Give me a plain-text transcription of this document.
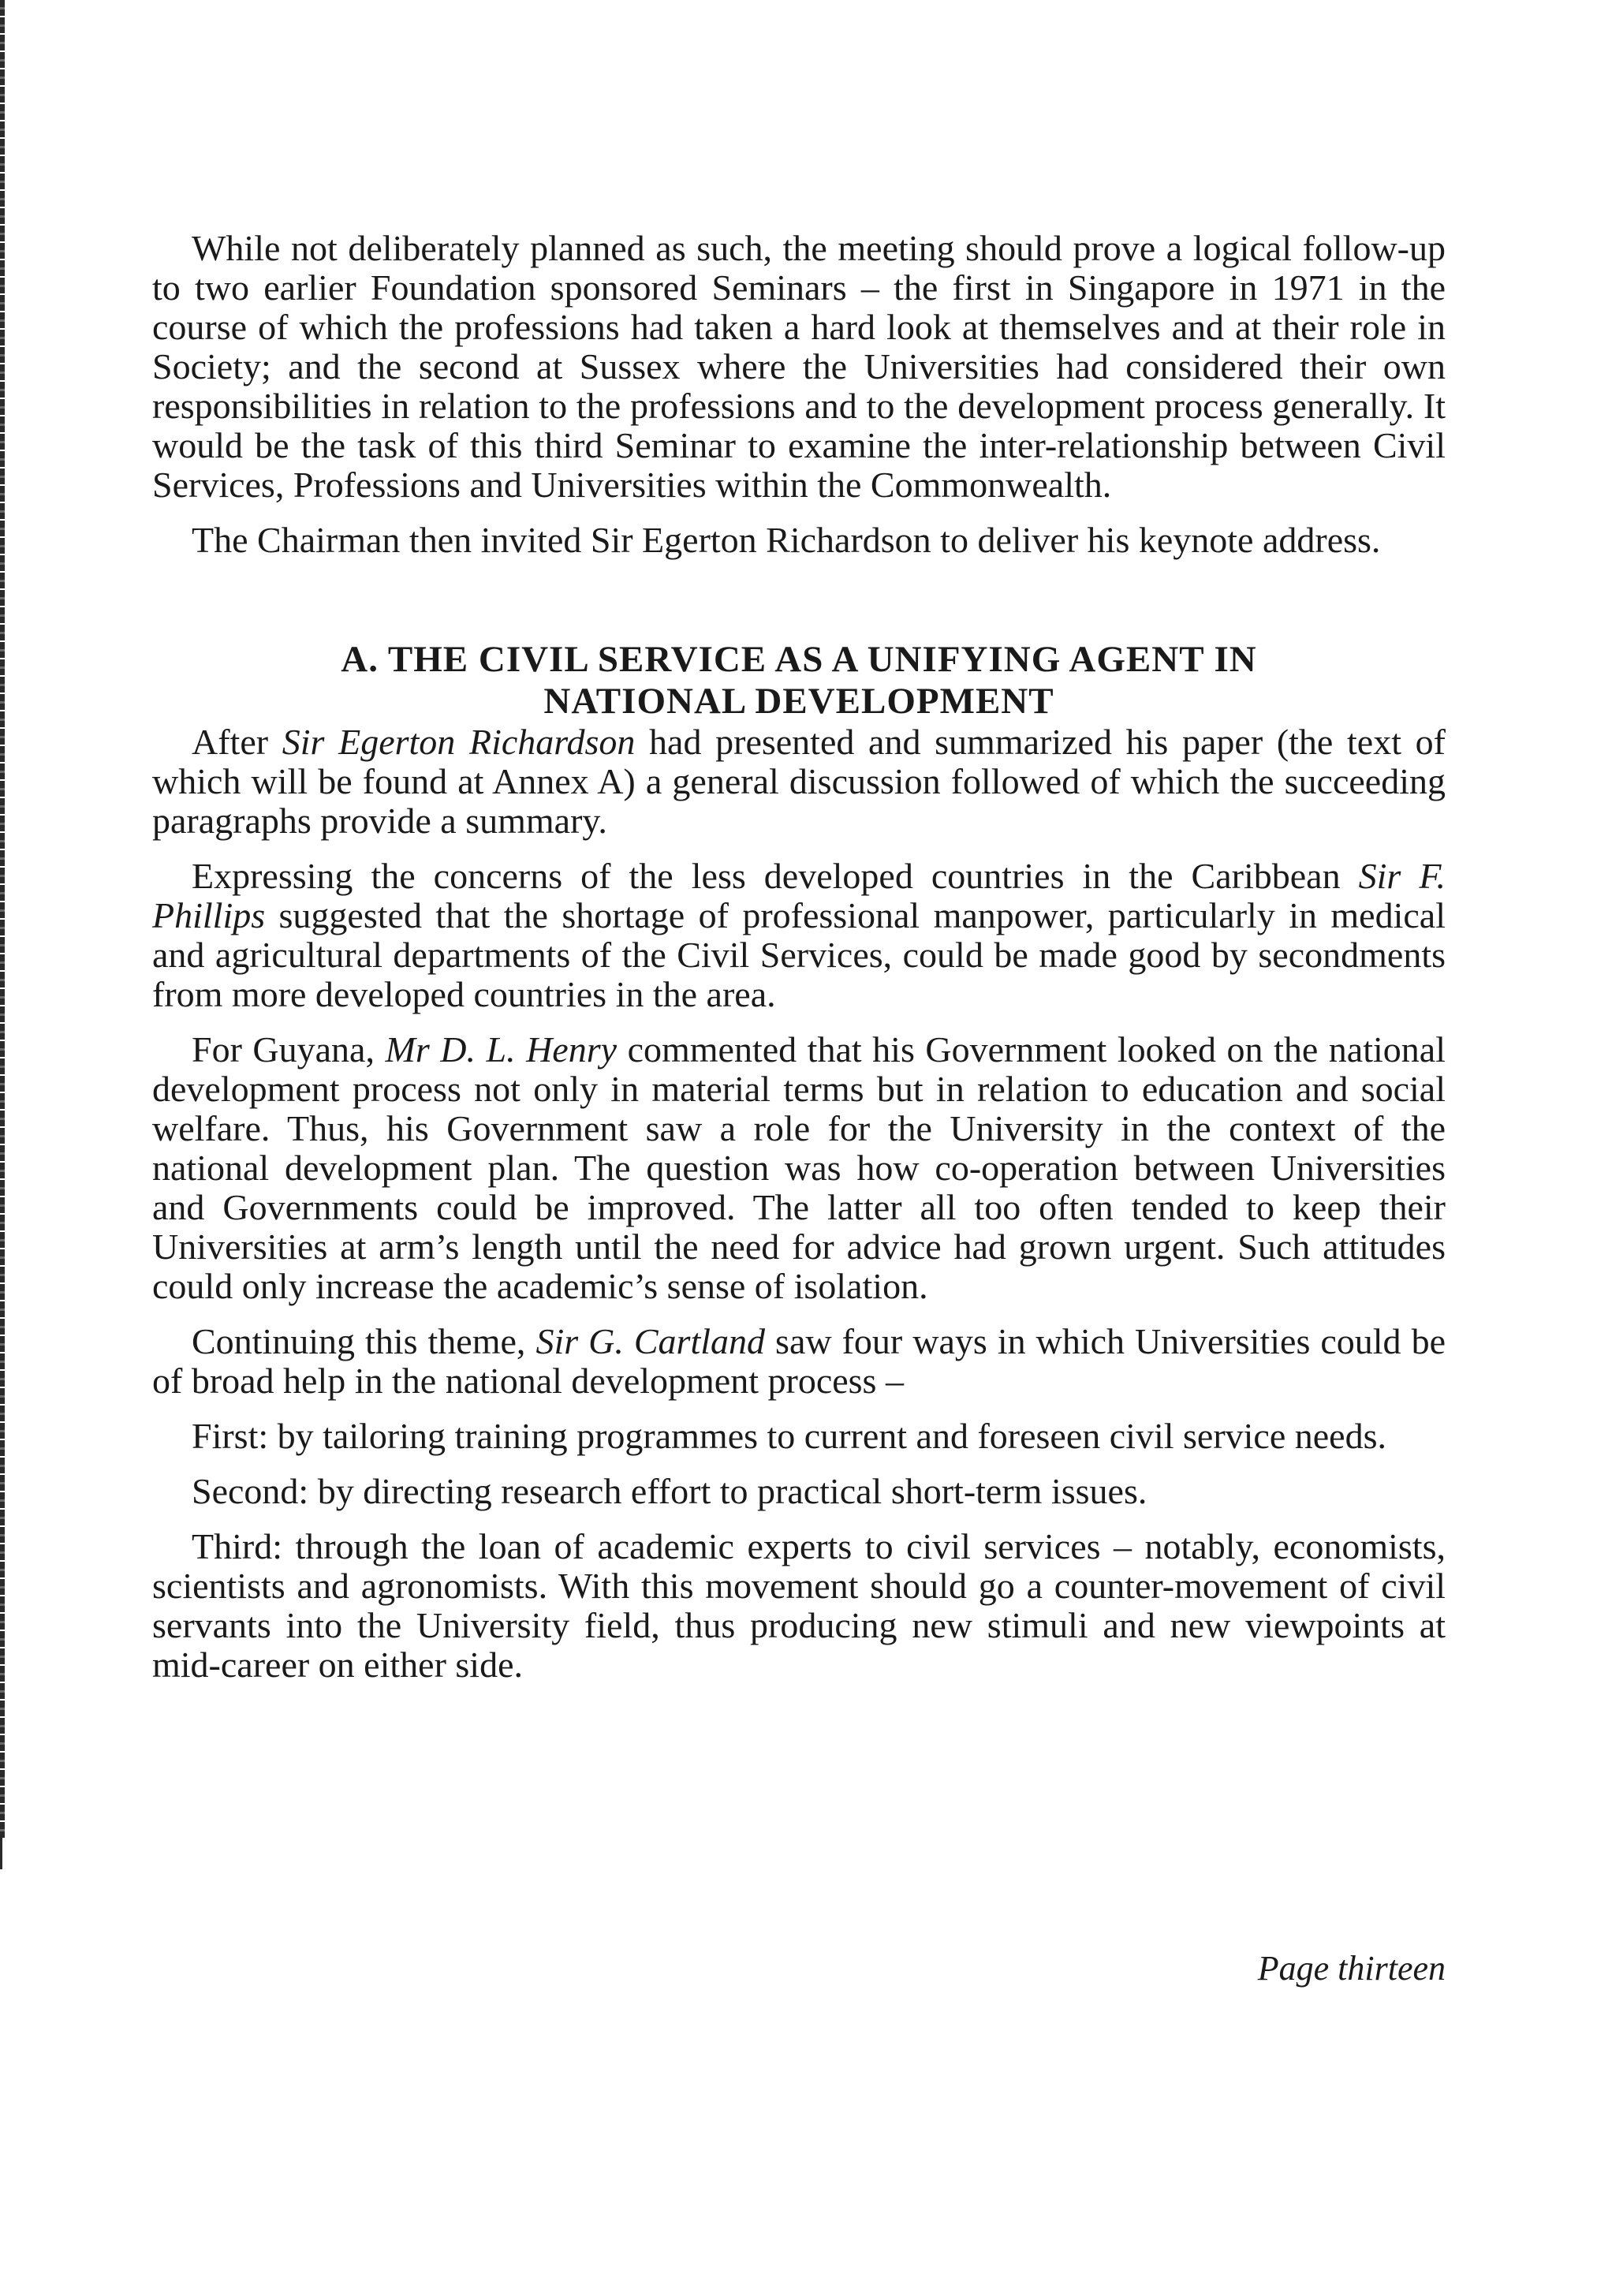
While not deliberately planned as such, the meeting should prove a logical follow-up to two earlier Foundation sponsored Seminars – the first in Singapore in 1971 in the course of which the professions had taken a hard look at themselves and at their role in Society; and the second at Sussex where the Universities had considered their own responsibilities in relation to the professions and to the development process generally. It would be the task of this third Seminar to examine the inter-relationship between Civil Services, Professions and Universities within the Commonwealth.

The Chairman then invited Sir Egerton Richardson to deliver his keynote address.

A. THE CIVIL SERVICE AS A UNIFYING AGENT IN
NATIONAL DEVELOPMENT

After Sir Egerton Richardson had presented and summarized his paper (the text of which will be found at Annex A) a general discussion followed of which the succeeding paragraphs provide a summary.

Expressing the concerns of the less developed countries in the Caribbean Sir F. Phillips suggested that the shortage of professional manpower, particularly in medical and agricultural departments of the Civil Services, could be made good by secondments from more developed countries in the area.

For Guyana, Mr D. L. Henry commented that his Government looked on the national development process not only in material terms but in relation to education and social welfare. Thus, his Government saw a role for the University in the context of the national development plan. The question was how co-operation between Universities and Governments could be improved. The latter all too often tended to keep their Universities at arm’s length until the need for advice had grown urgent. Such attitudes could only increase the academic’s sense of isolation.

Continuing this theme, Sir G. Cartland saw four ways in which Universities could be of broad help in the national development process –

First: by tailoring training programmes to current and foreseen civil service needs.

Second: by directing research effort to practical short-term issues.

Third: through the loan of academic experts to civil services – notably, economists, scientists and agronomists. With this movement should go a counter-movement of civil servants into the University field, thus producing new stimuli and new viewpoints at mid-career on either side.

Page thirteen
